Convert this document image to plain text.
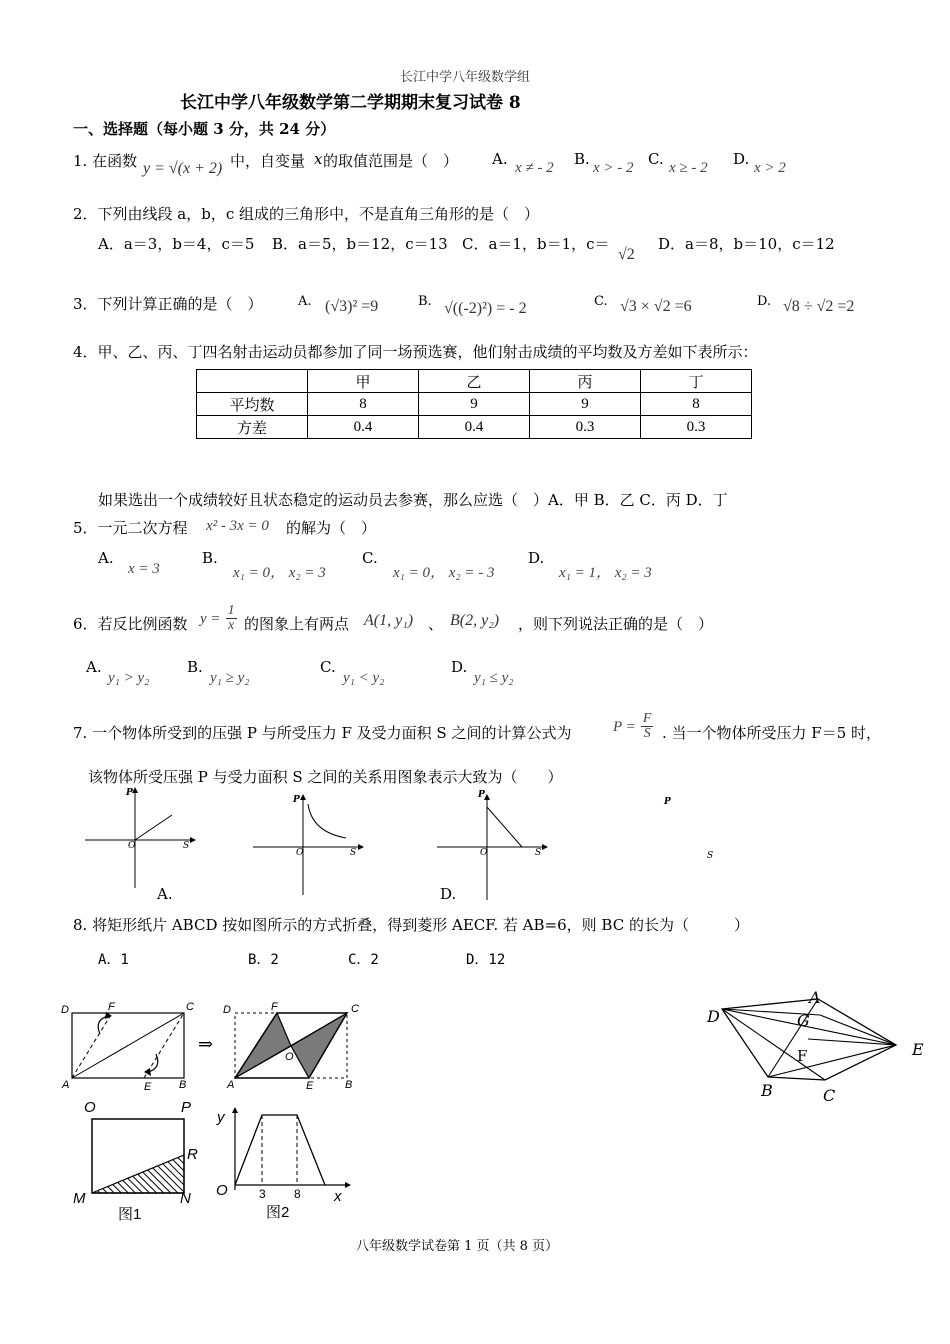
长江中学八年级数学组
长江中学八年级数学第二学期期末复习试卷 8
一、选择题（每小题 3 分，共 24 分）
1. 在函数 y = √(x + 2) 中，自变量 x 的取值范围是（　） A. x ≠ - 2 B. x > - 2 C. x ≥ - 2 D. x > 2
2．下列由线段 a，b，c 组成的三角形中，不是直角三角形的是（　）
A．a＝3，b＝4，c＝5 B．a＝5，b＝12，c＝13 C．a＝1，b＝1，c＝
√2
D．a＝8，b＝10，c＝12
3．下列计算正确的是（　）	A. (√3)² =9	B. √((-2)²) = - 2	C. √3 × √2 =6	D. √8 ÷ √2 =2
4．甲、乙、丙、丁四名射击运动员都参加了同一场预选赛，他们射击成绩的平均数及方差如下表所示：
	甲	乙	丙	丁
平均数	8	9	9	8
方差	0.4	0.4	0.3	0.3
如果选出一个成绩较好且状态稳定的运动员去参赛，那么应选（　）A．甲 B．乙 C．丙 D．丁
5．一元二次方程 x² - 3x = 0 的解为（　）
A.
x = 3
B.
x₁ = 0， x₂ = 3
C.
x₁ = 0， x₂ = - 3
D.
x₁ = 1， x₂ = 3
6．若反比例函数 $y = \frac{1}{x}$ 的图象上有两点 A(1, y₁) 、 B(2, y₂) ，则下列说法正确的是（　）
A.
y₁ > y₂
B.
y₁ ≥ y₂
C.
y₁ < y₂
D.
y₁ ≤ y₂
7. 一个物体所受到的压强 P 与所受压力 F 及受力面积 S 之间的计算公式为	$P = \frac{F}{S}$ . 当一个物体所受压力 F＝5 时，
该物体所受压强 P 与受力面积 S 之间的关系用图象表示大致为（　　）
P
O	S
P
O	S
P
O	S
P
S
A.	D.
8. 将矩形纸片 ABCD 按如图所示的方式折叠，得到菱形 AECF. 若 AB=6，则 BC 的长为（　　　）
A．1	B．2	C．2	D．12
D	F	C
A	E	B
⇒
D	F	C
O
A	E	B
A
D	G
E
F
B	C
O	P
R
M	N
图1
y
O	3 8 x
图2
八年级数学试卷第 1 页（共 8 页）
